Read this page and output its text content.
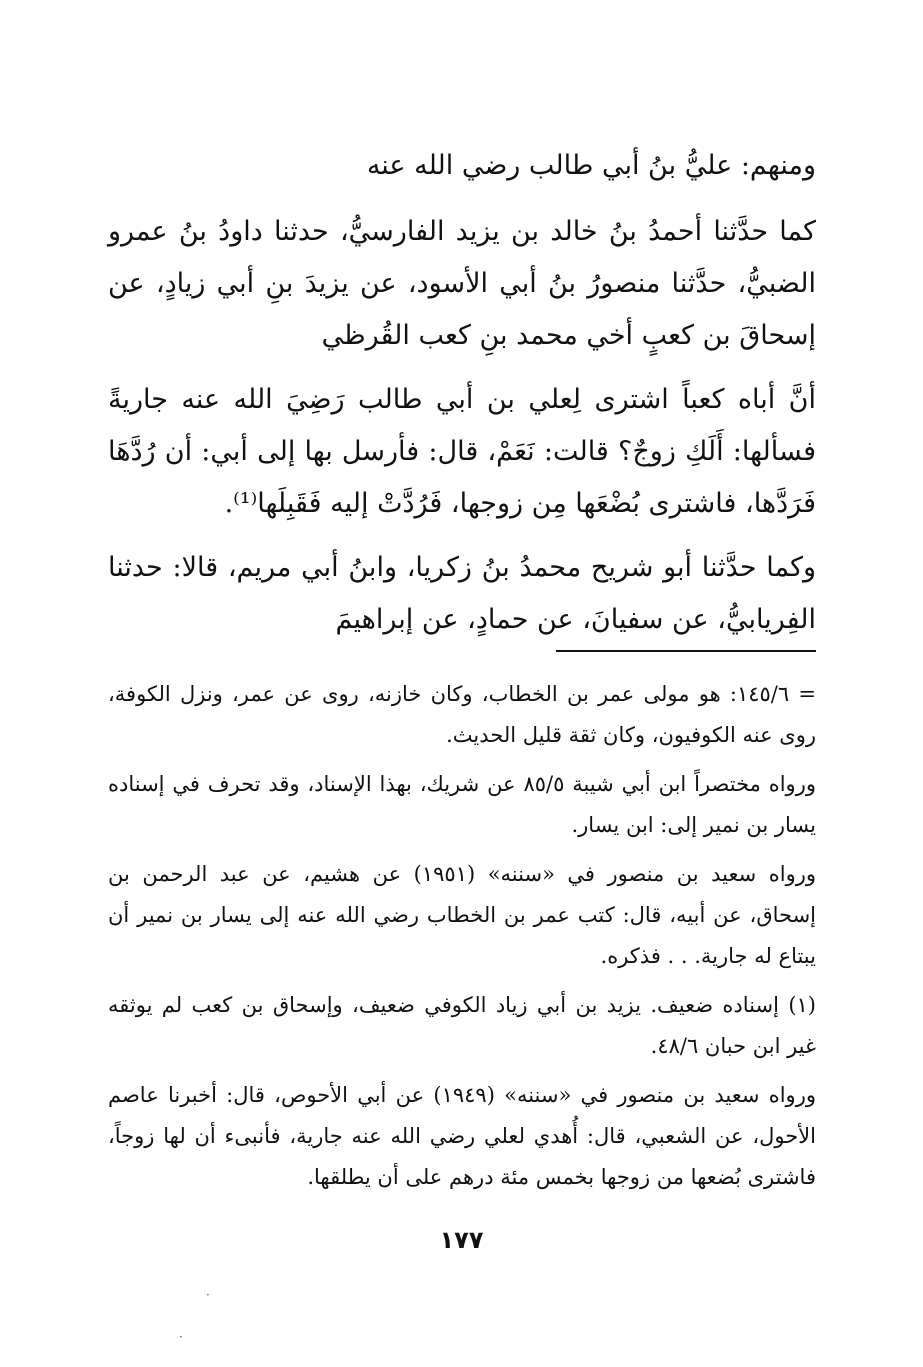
ومنهم: عليُّ بنُ أبي طالب رضي الله عنه

كما حدَّثنا أحمدُ بنُ خالد بن يزيد الفارسيُّ، حدثنا داودُ بنُ عمرو الضبيُّ، حدَّثنا منصورُ بنُ أبي الأسود، عن يزيدَ بنِ أبي زيادٍ، عن إسحاقَ بن كعبٍ أخي محمد بنِ كعب القُرظي

أنَّ أباه كعباً اشترى لِعلي بن أبي طالب رَضِيَ الله عنه جاريةً فسألها: أَلَكِ زوجٌ؟ قالت: نَعَمْ، قال: فأرسل بها إلى أبي: أن رُدَّهَا فَرَدَّها، فاشترى بُضْعَها مِن زوجها، فَرُدَّتْ إليه فَقَبِلَها⁽¹⁾.

وكما حدَّثنا أبو شريح محمدُ بنُ زكريا، وابنُ أبي مريم، قالا: حدثنا الفِريابيُّ، عن سفيانَ، عن حمادٍ، عن إبراهيمَ

= ١٤٥/٦: هو مولى عمر بن الخطاب، وكان خازنه، روى عن عمر، ونزل الكوفة، روى عنه الكوفيون، وكان ثقة قليل الحديث.

ورواه مختصراً ابن أبي شيبة ٨٥/٥ عن شريك، بهذا الإسناد، وقد تحرف في إسناده يسار بن نمير إلى: ابن يسار.

ورواه سعيد بن منصور في «سننه» (١٩٥١) عن هشيم، عن عبد الرحمن بن إسحاق، عن أبيه، قال: كتب عمر بن الخطاب رضي الله عنه إلى يسار بن نمير أن يبتاع له جارية. . . فذكره.

(١) إسناده ضعيف. يزيد بن أبي زياد الكوفي ضعيف، وإسحاق بن كعب لم يوثقه غير ابن حبان ٤٨/٦.

ورواه سعيد بن منصور في «سننه» (١٩٤٩) عن أبي الأحوص، قال: أخبرنا عاصم الأحول، عن الشعبي، قال: أُهدي لعلي رضي الله عنه جارية، فأنبىء أن لها زوجاً، فاشترى بُضعها من زوجها بخمس مئة درهم على أن يطلقها.

١٧٧
·
·
